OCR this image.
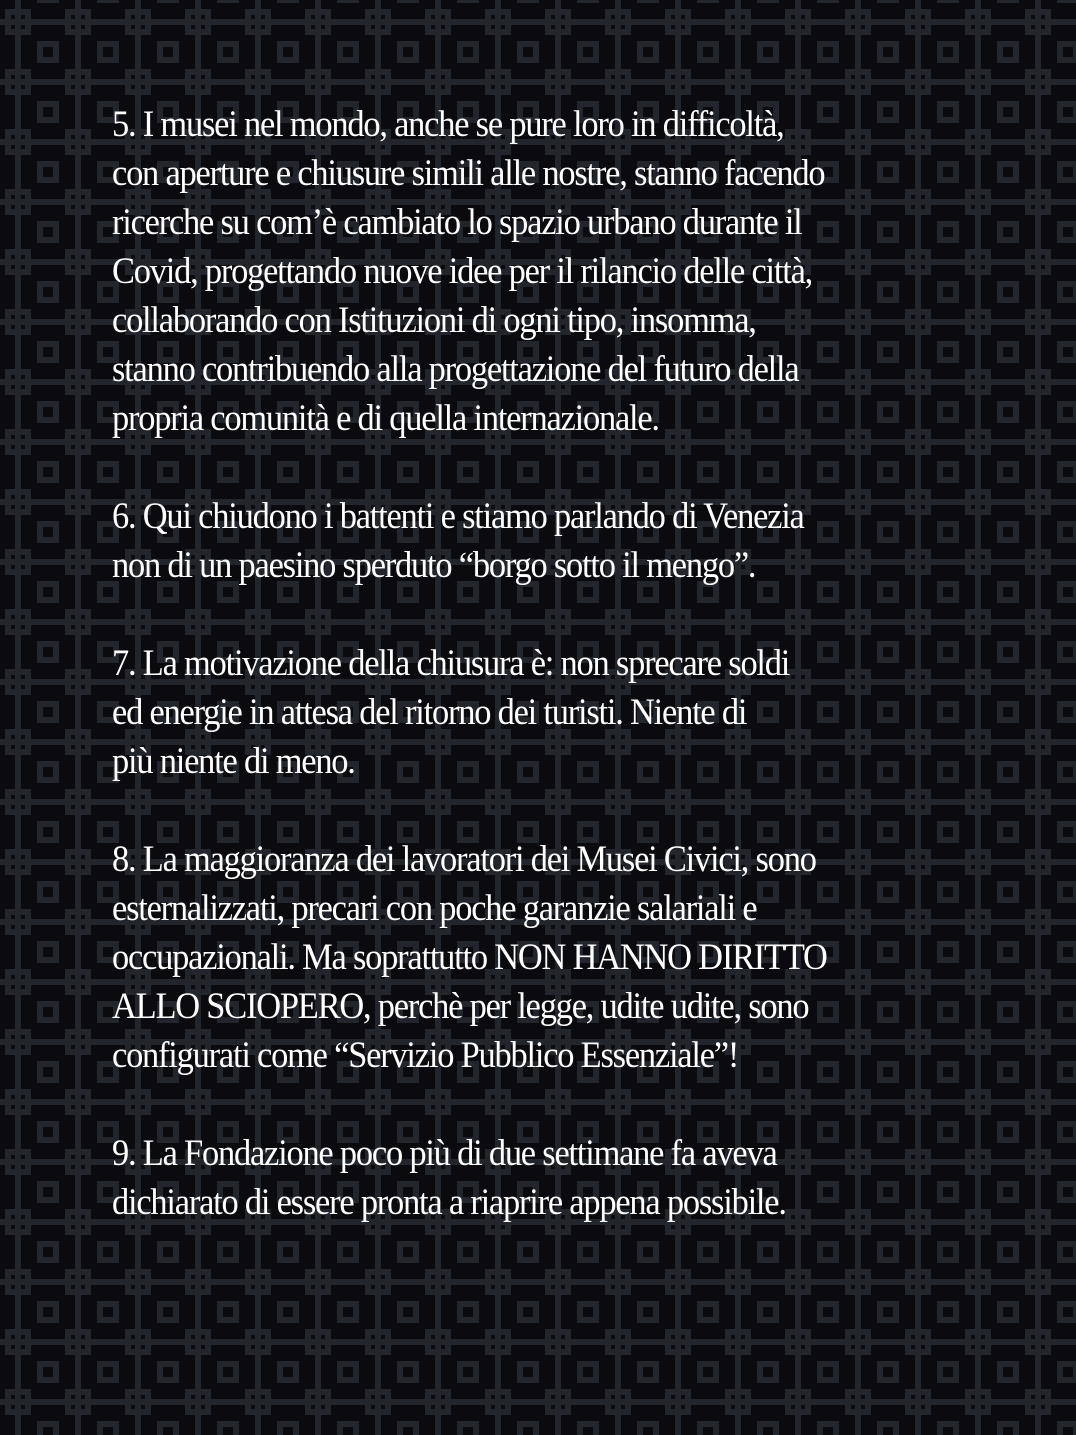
5. I musei nel mondo, anche se pure loro in difficoltà,
con aperture e chiusure simili alle nostre, stanno facendo
ricerche su com’è cambiato lo spazio urbano durante il
Covid, progettando nuove idee per il rilancio delle città,
collaborando con Istituzioni di ogni tipo, insomma,
stanno contribuendo alla progettazione del futuro della
propria comunità e di quella internazionale.

6. Qui chiudono i battenti e stiamo parlando di Venezia
non di un paesino sperduto “borgo sotto il mengo”.

7. La motivazione della chiusura è: non sprecare soldi
ed energie in attesa del ritorno dei turisti. Niente di
più niente di meno.

8. La maggioranza dei lavoratori dei Musei Civici, sono
esternalizzati, precari con poche garanzie salariali e
occupazionali. Ma soprattutto NON HANNO DIRITTO
ALLO SCIOPERO, perchè per legge, udite udite, sono
configurati come “Servizio Pubblico Essenziale”!

9. La Fondazione poco più di due settimane fa aveva
dichiarato di essere pronta a riaprire appena possibile.
